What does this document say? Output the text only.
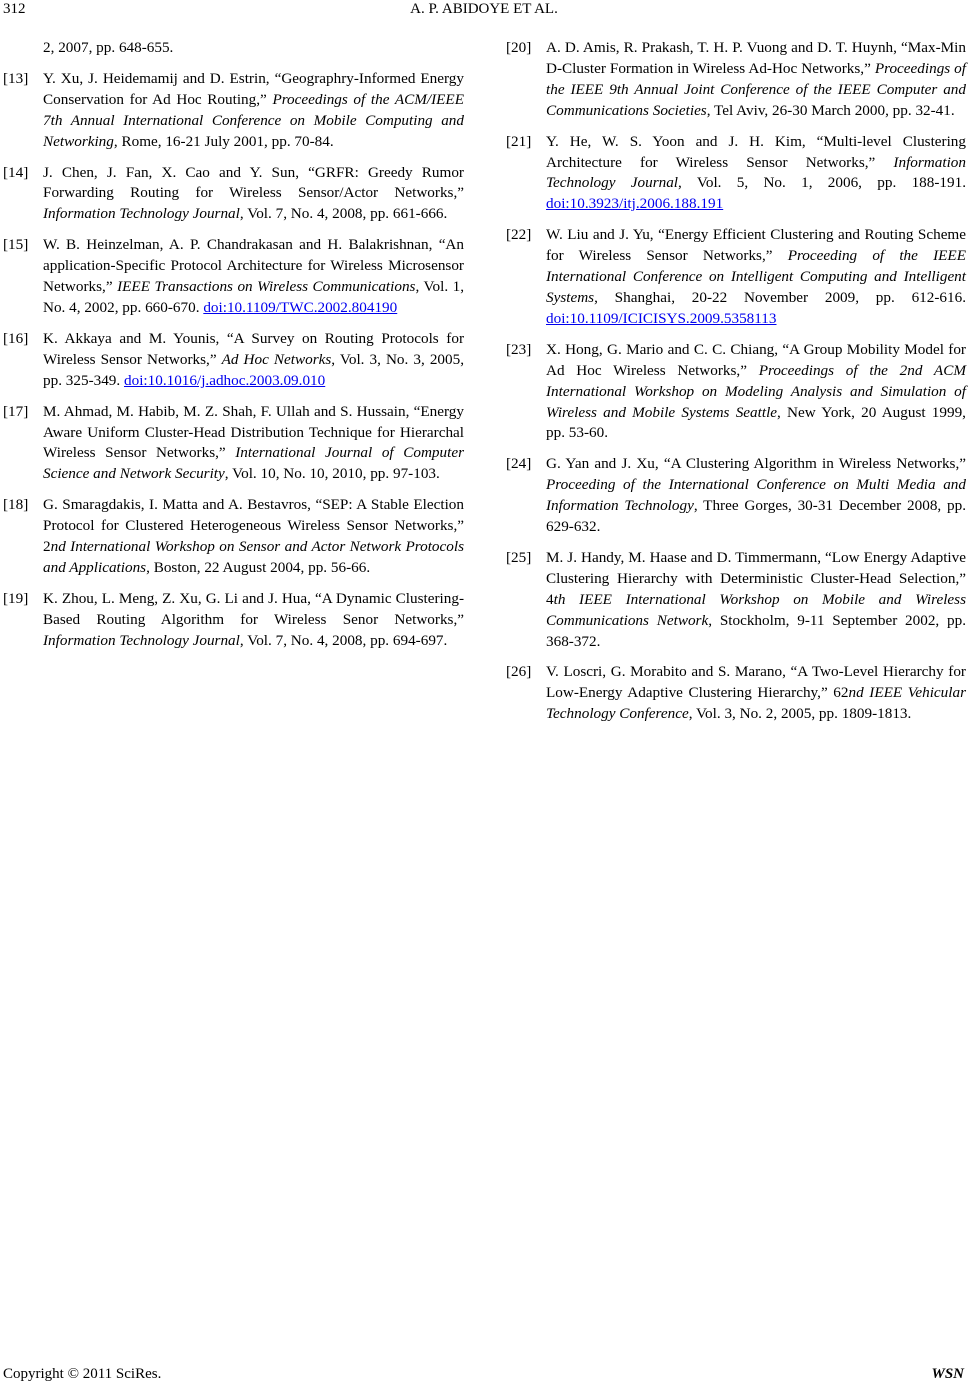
312	A. P. ABIDOYE ET AL.
2, 2007, pp. 648-655.
[13] Y. Xu, J. Heidemamij and D. Estrin, “Geographry-Informed Energy Conservation for Ad Hoc Routing,” Proceedings of the ACM/IEEE 7th Annual International Conference on Mobile Computing and Networking, Rome, 16-21 July 2001, pp. 70-84.
[14] J. Chen, J. Fan, X. Cao and Y. Sun, “GRFR: Greedy Rumor Forwarding Routing for Wireless Sensor/Actor Networks,” Information Technology Journal, Vol. 7, No. 4, 2008, pp. 661-666.
[15] W. B. Heinzelman, A. P. Chandrakasan and H. Balakrishnan, “An application-Specific Protocol Architecture for Wireless Microsensor Networks,” IEEE Transactions on Wireless Communications, Vol. 1, No. 4, 2002, pp. 660-670. doi:10.1109/TWC.2002.804190
[16] K. Akkaya and M. Younis, “A Survey on Routing Protocols for Wireless Sensor Networks,” Ad Hoc Networks, Vol. 3, No. 3, 2005, pp. 325-349. doi:10.1016/j.adhoc.2003.09.010
[17] M. Ahmad, M. Habib, M. Z. Shah, F. Ullah and S. Hussain, “Energy Aware Uniform Cluster-Head Distribution Technique for Hierarchal Wireless Sensor Networks,” International Journal of Computer Science and Network Security, Vol. 10, No. 10, 2010, pp. 97-103.
[18] G. Smaragdakis, I. Matta and A. Bestavros, “SEP: A Stable Election Protocol for Clustered Heterogeneous Wireless Sensor Networks,” 2nd International Workshop on Sensor and Actor Network Protocols and Applications, Boston, 22 August 2004, pp. 56-66.
[19] K. Zhou, L. Meng, Z. Xu, G. Li and J. Hua, “A Dynamic Clustering-Based Routing Algorithm for Wireless Senor Networks,” Information Technology Journal, Vol. 7, No. 4, 2008, pp. 694-697.
[20] A. D. Amis, R. Prakash, T. H. P. Vuong and D. T. Huynh, “Max-Min D-Cluster Formation in Wireless Ad-Hoc Networks,” Proceedings of the IEEE 9th Annual Joint Conference of the IEEE Computer and Communications Societies, Tel Aviv, 26-30 March 2000, pp. 32-41.
[21] Y. He, W. S. Yoon and J. H. Kim, “Multi-level Clustering Architecture for Wireless Sensor Networks,” Information Technology Journal, Vol. 5, No. 1, 2006, pp. 188-191. doi:10.3923/itj.2006.188.191
[22] W. Liu and J. Yu, “Energy Efficient Clustering and Routing Scheme for Wireless Sensor Networks,” Proceeding of the IEEE International Conference on Intelligent Computing and Intelligent Systems, Shanghai, 20-22 November 2009, pp. 612-616. doi:10.1109/ICICISYS.2009.5358113
[23] X. Hong, G. Mario and C. C. Chiang, “A Group Mobility Model for Ad Hoc Wireless Networks,” Proceedings of the 2nd ACM International Workshop on Modeling Analysis and Simulation of Wireless and Mobile Systems Seattle, New York, 20 August 1999, pp. 53-60.
[24] G. Yan and J. Xu, “A Clustering Algorithm in Wireless Networks,” Proceeding of the International Conference on Multi Media and Information Technology, Three Gorges, 30-31 December 2008, pp. 629-632.
[25] M. J. Handy, M. Haase and D. Timmermann, “Low Energy Adaptive Clustering Hierarchy with Deterministic Cluster-Head Selection,” 4th IEEE International Workshop on Mobile and Wireless Communications Network, Stockholm, 9-11 September 2002, pp. 368-372.
[26] V. Loscri, G. Morabito and S. Marano, “A Two-Level Hierarchy for Low-Energy Adaptive Clustering Hierarchy,” 62nd IEEE Vehicular Technology Conference, Vol. 3, No. 2, 2005, pp. 1809-1813.
Copyright © 2011 SciRes.	WSN
